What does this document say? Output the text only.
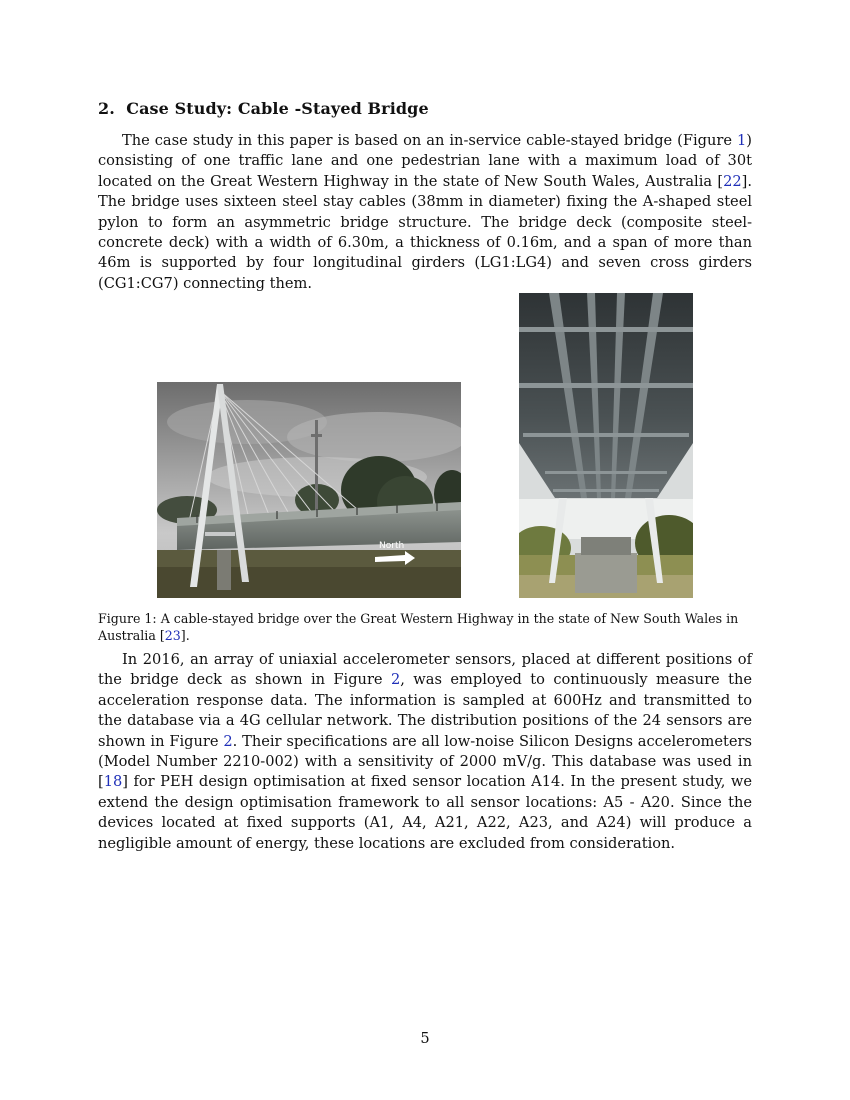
2. Case Study: Cable -Stayed Bridge

The case study in this paper is based on an in-service cable-stayed bridge (Figure 1) consisting of one traffic lane and one pedestrian lane with a maximum load of 30t located on the Great Western Highway in the state of New South Wales, Australia [22]. The bridge uses sixteen steel stay cables (38mm in diameter) fixing the A-shaped steel pylon to form an asymmetric bridge structure. The bridge deck (composite steel-concrete deck) with a width of 6.30m, a thickness of 0.16m, and a span of more than 46m is supported by four longitudinal girders (LG1:LG4) and seven cross girders (CG1:CG7) connecting them.

North
Figure 1: A cable-stayed bridge over the Great Western Highway in the state of New South Wales in Australia [23].

In 2016, an array of uniaxial accelerometer sensors, placed at different positions of the bridge deck as shown in Figure 2, was employed to continuously measure the acceleration response data. The information is sampled at 600Hz and transmitted to the database via a 4G cellular network. The distribution positions of the 24 sensors are shown in Figure 2. Their specifications are all low-noise Silicon Designs accelerometers (Model Number 2210-002) with a sensitivity of 2000 mV/g. This database was used in [18] for PEH design optimisation at fixed sensor location A14. In the present study, we extend the design optimisation framework to all sensor locations: A5 - A20. Since the devices located at fixed supports (A1, A4, A21, A22, A23, and A24) will produce a negligible amount of energy, these locations are excluded from consideration.

5
